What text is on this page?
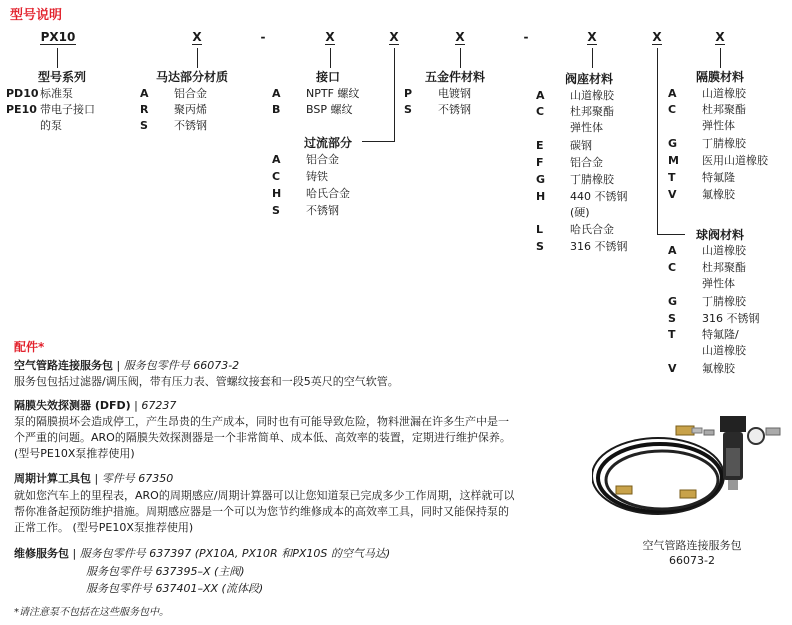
型号说明
PX10	X	-	X	X	X	-	X	X	X
型号系列
PD10 标准泵
PE10 带电子接口
的泵
马达部分材质
A	铝合金
R	聚丙烯
S	不锈钢
接口
A	NPTF 螺纹
B	BSP 螺纹
过流部分
A	铝合金
C	铸铁
H	哈氏合金
S	不锈钢
五金件材料
P	电镀钢
S	不锈钢
阀座材料
A	山道橡胶
C	杜邦聚酯
弹性体
E	碳钢
F	铝合金
G	丁腈橡胶
H	440 不锈钢
(硬)
L	哈氏合金
S	316 不锈钢
隔膜材料
A	山道橡胶
C	杜邦聚酯
弹性体
G	丁腈橡胶
M	医用山道橡胶
T	特氟隆
V	氟橡胶
球阀材料
A	山道橡胶
C	杜邦聚酯
弹性体
G	丁腈橡胶
S	316 不锈钢
T	特氟隆/
山道橡胶
V	氟橡胶
配件*
空气管路连接服务包 | 服务包零件号 66073-2
服务包包括过滤器/调压阀，带有压力表、管螺纹接套和一段5英尺的空气软管。
隔膜失效探测器 (DFD) | 67237
泵的隔膜损坏会造成停工，产生昂贵的生产成本，同时也有可能导致危险，物料泄漏在许多生产中是一
个严重的问题。ARO的隔膜失效探测器是一个非常简单、成本低、高效率的装置，定期进行维护保养。
(型号PE10X泵推荐使用)
周期计算工具包 | 零件号 67350
就如您汽车上的里程表，ARO的周期感应/周期计算器可以让您知道泵已完成多少工作周期，这样就可以
帮你准备起预防维护措施。周期感应器是一个可以为您节约维修成本的高效率工具，同时又能保持泵的
正常工作。 (型号PE10X泵推荐使用)
维修服务包 | 服务包零件号 637397 (PX10A, PX10R 和PX10S 的空气马达)
服务包零件号 637395–X (主阀)
服务包零件号 637401–XX (流体段)
*请注意泵不包括在这些服务包中。
空气管路连接服务包
66073-2
